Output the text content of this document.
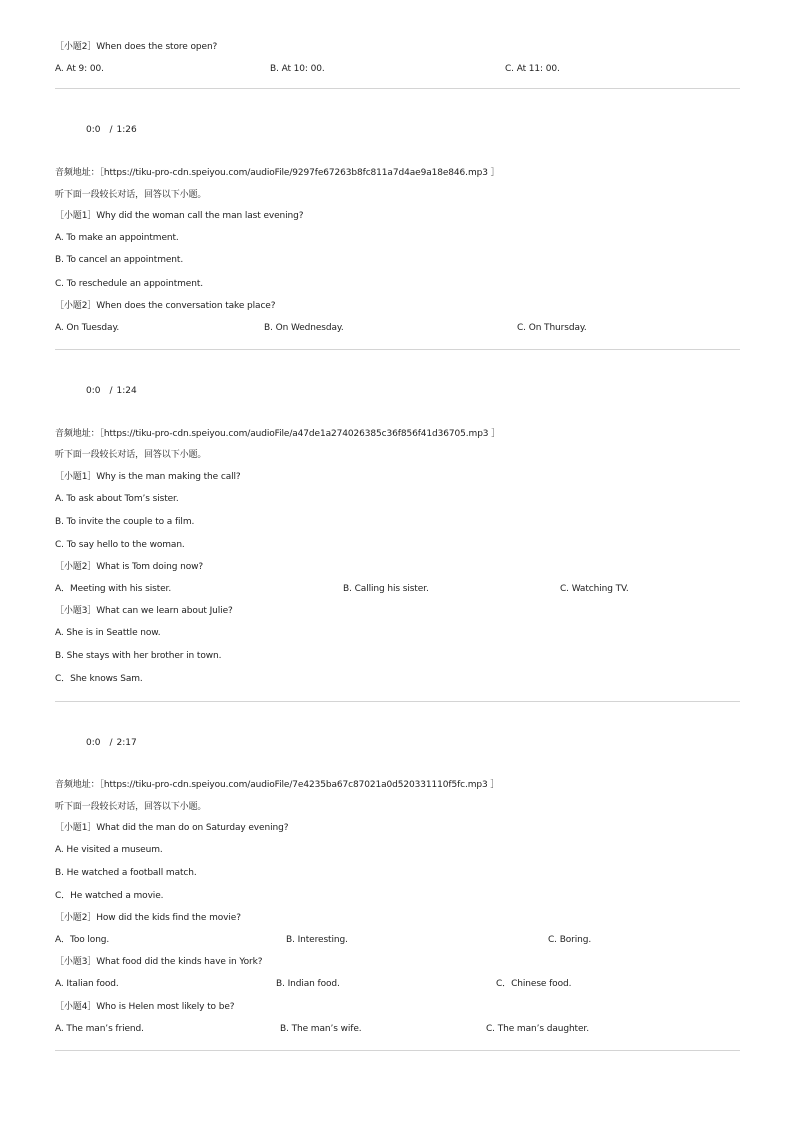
［小题2］When does the store open?
A. At 9: 00.	B. At 10: 00.	C. At 11: 00.
0:0 / 1:26
音频地址：［https://tiku-pro-cdn.speiyou.com/audioFile/9297fe67263b8fc811a7d4ae9a18e846.mp3 ］
听下面一段较长对话，回答以下小题。
［小题1］Why did the woman call the man last evening?
A. To make an appointment.
B. To cancel an appointment.
C. To reschedule an appointment.
［小题2］When does the conversation take place?
A. On Tuesday.	B. On Wednesday.	C. On Thursday.
0:0 / 1:24
音频地址：［https://tiku-pro-cdn.speiyou.com/audioFile/a47de1a274026385c36f856f41d36705.mp3 ］
听下面一段较长对话，回答以下小题。
［小题1］Why is the man making the call?
A. To ask about Tom’s sister.
B. To invite the couple to a film.
C. To say hello to the woman.
［小题2］What is Tom doing now?
A．Meeting with his sister.	B. Calling his sister.	C. Watching TV.
［小题3］What can we learn about Julie?
A. She is in Seattle now.
B. She stays with her brother in town.
C．She knows Sam.
0:0 / 2:17
音频地址：［https://tiku-pro-cdn.speiyou.com/audioFile/7e4235ba67c87021a0d520331110f5fc.mp3 ］
听下面一段较长对话，回答以下小题。
［小题1］What did the man do on Saturday evening?
A. He visited a museum.
B. He watched a football match.
C．He watched a movie.
［小题2］How did the kids find the movie?
A．Too long.	B. Interesting.	C. Boring.
［小题3］What food did the kinds have in York?
A. Italian food.	B. Indian food.	C．Chinese food.
［小题4］Who is Helen most likely to be?
A. The man’s friend.	B. The man’s wife.	C. The man’s daughter.
